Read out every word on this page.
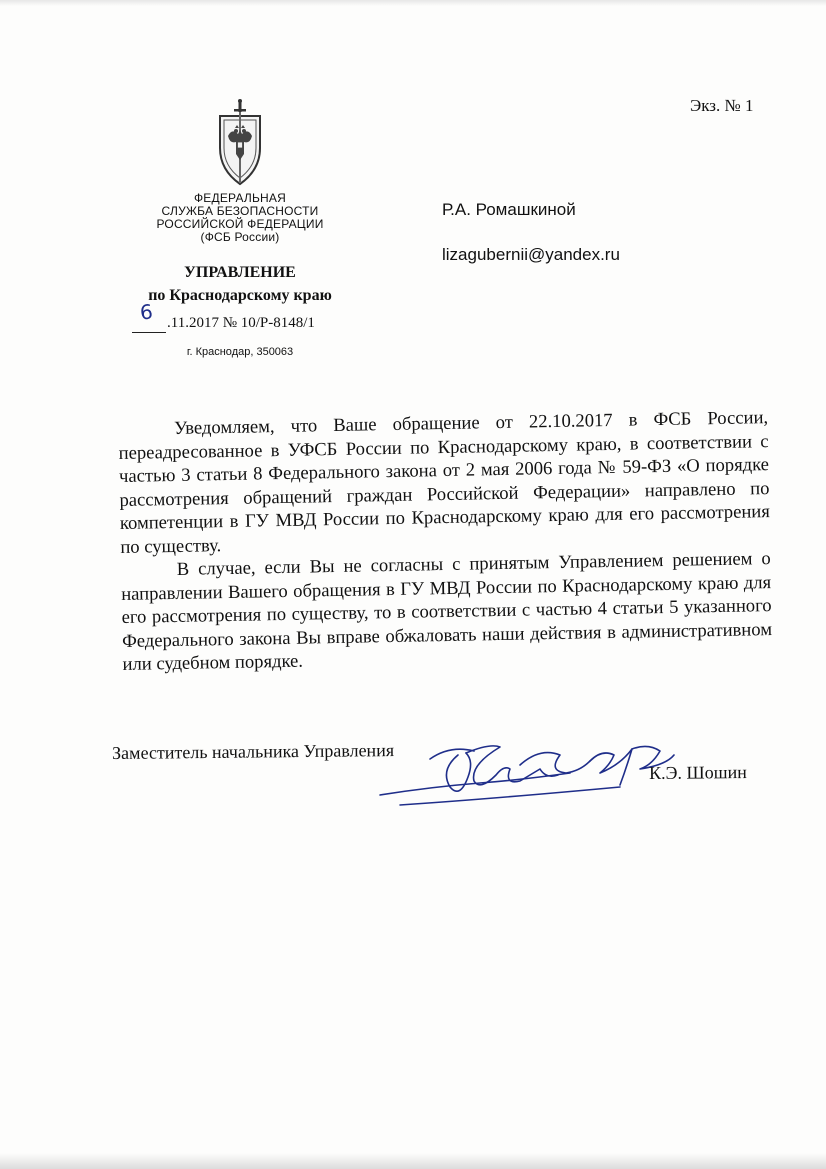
Экз. № 1
ФЕДЕРАЛЬНАЯ
СЛУЖБА БЕЗОПАСНОСТИ
РОССИЙСКОЙ ФЕДЕРАЦИИ
(ФСБ России)
УПРАВЛЕНИЕ
по Краснодарскому краю
6 .11.2017 № 10/Р-8148/1
г. Краснодар, 350063
Р.А. Ромашкиной
lizagubernii@yandex.ru

Уведомляем, что Ваше обращение от 22.10.2017 в ФСБ России, переадресованное в УФСБ России по Краснодарскому краю, в соответствии с частью 3 статьи 8 Федерального закона от 2 мая 2006 года № 59-ФЗ «О порядке рассмотрения обращений граждан Российской Федерации» направлено по компетенции в ГУ МВД России по Краснодарскому краю для его рассмотрения по существу.

В случае, если Вы не согласны с принятым Управлением решением о направлении Вашего обращения в ГУ МВД России по Краснодарскому краю для его рассмотрения по существу, то в соответствии с частью 4 статьи 5 указанного Федерального закона Вы вправе обжаловать наши действия в административном или судебном порядке.

Заместитель начальника Управления
К.Э. Шошин
